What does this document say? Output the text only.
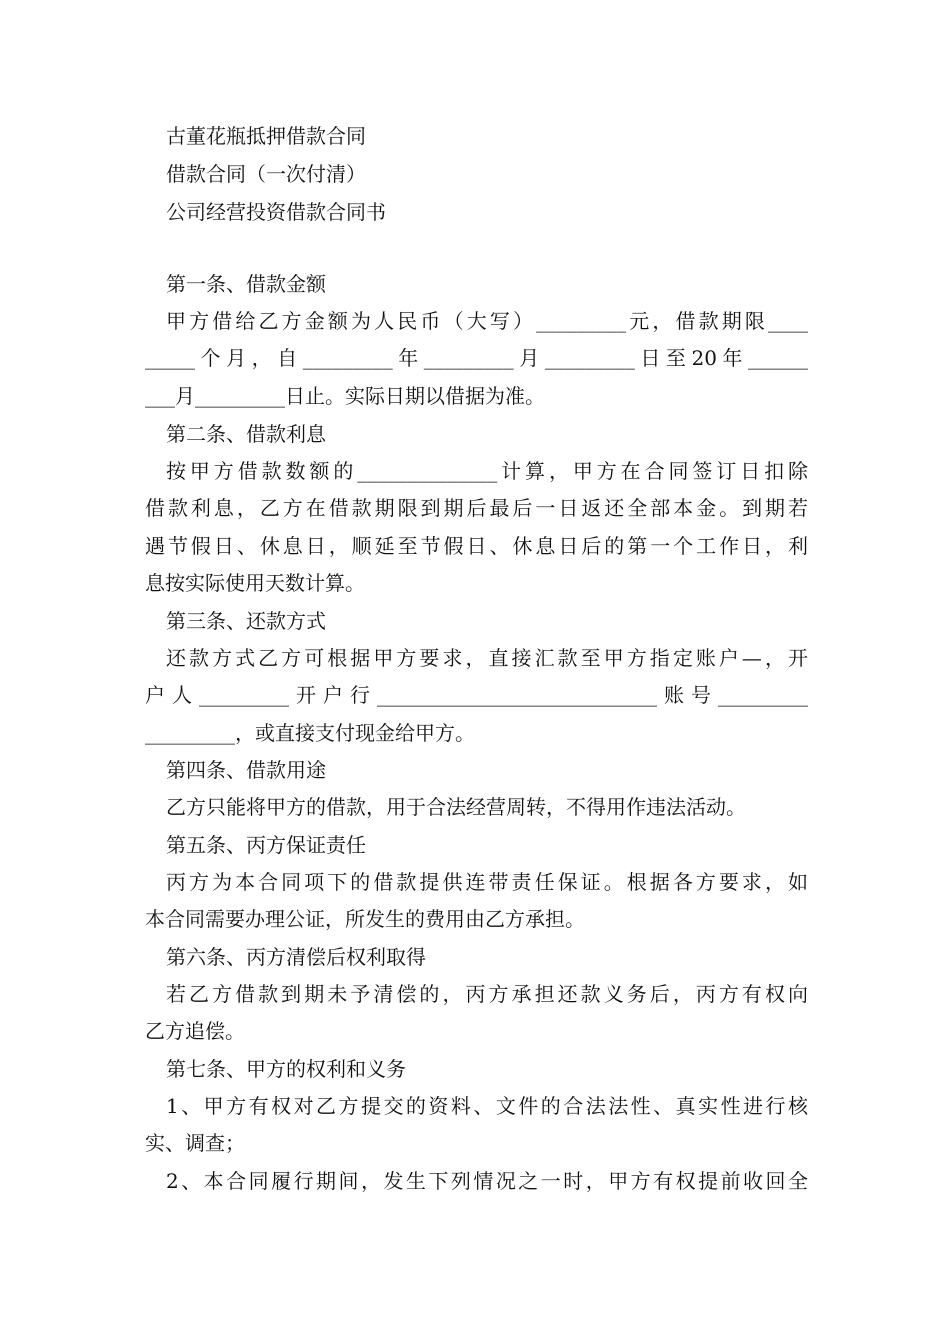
古董花瓶抵押借款合同
借款合同（一次付清）
公司经营投资借款合同书
第一条、借款金额
甲方借给乙方金额为人民币（大写）_________元，借款期限____
_____个月，自_________年_________月_________日至20年______
___月_________日止。实际日期以借据为准。
第二条、借款利息
按甲方借款数额的______________计算，甲方在合同签订日扣除
借款利息，乙方在借款期限到期后最后一日返还全部本金。到期若
遇节假日、休息日，顺延至节假日、休息日后的第一个工作日，利
息按实际使用天数计算。
第三条、还款方式
还款方式乙方可根据甲方要求，直接汇款至甲方指定账户—，开
户人_________开户行____________________________账号_________
_________，或直接支付现金给甲方。
第四条、借款用途
乙方只能将甲方的借款，用于合法经营周转，不得用作违法活动。
第五条、丙方保证责任
丙方为本合同项下的借款提供连带责任保证。根据各方要求，如
本合同需要办理公证，所发生的费用由乙方承担。
第六条、丙方清偿后权利取得
若乙方借款到期未予清偿的，丙方承担还款义务后，丙方有权向
乙方追偿。
第七条、甲方的权利和义务
1、甲方有权对乙方提交的资料、文件的合法法性、真实性进行核
实、调查；
2、本合同履行期间，发生下列情况之一时，甲方有权提前收回全
